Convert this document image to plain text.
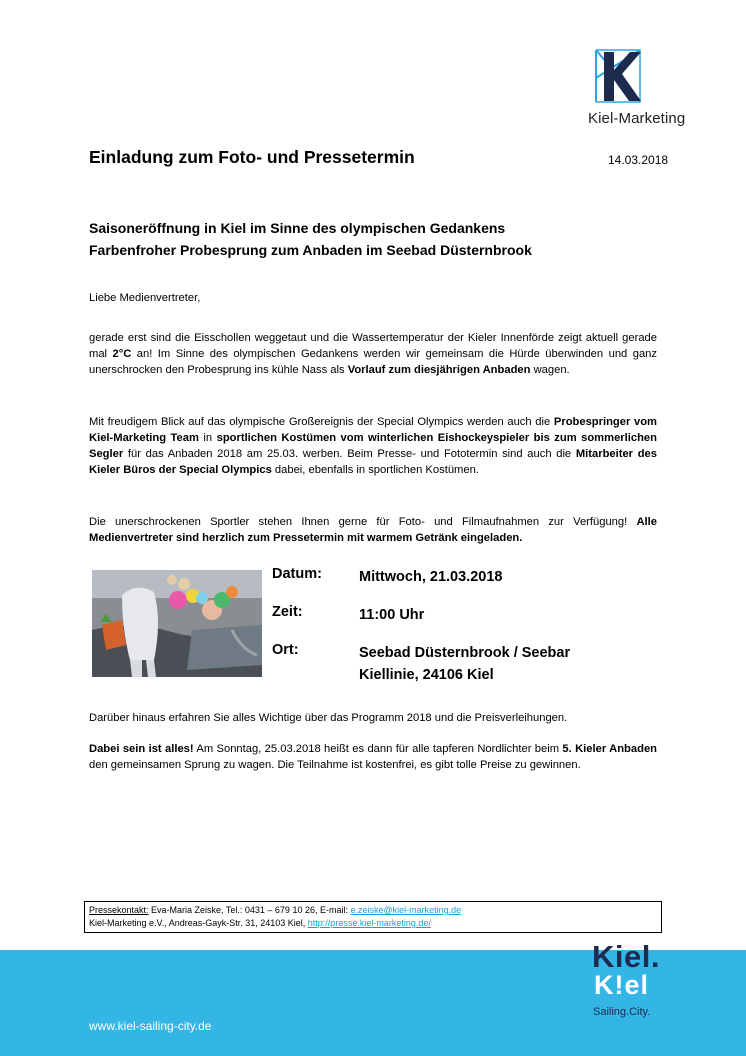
Kiel-Marketing
Einladung zum Foto- und Pressetermin	14.03.2018
Saisoneröffnung in Kiel im Sinne des olympischen Gedankens
Farbenfroher Probesprung zum Anbaden im Seebad Düsternbrook

Liebe Medienvertreter,

gerade erst sind die Eisschollen weggetaut und die Wassertemperatur der Kieler Innenförde zeigt aktuell gerade mal 2°C an! Im Sinne des olympischen Gedankens werden wir gemeinsam die Hürde überwinden und ganz unerschrocken den Probesprung ins kühle Nass als Vorlauf zum diesjährigen Anbaden wagen.

Mit freudigem Blick auf das olympische Großereignis der Special Olympics werden auch die Probespringer vom Kiel-Marketing Team in sportlichen Kostümen vom winterlichen Eishockeyspieler bis zum sommerlichen Segler für das Anbaden 2018 am 25.03. werben. Beim Presse- und Fototermin sind auch die Mitarbeiter des Kieler Büros der Special Olympics dabei, ebenfalls in sportlichen Kostümen.

Die unerschrockenen Sportler stehen Ihnen gerne für Foto- und Filmaufnahmen zur Verfügung! Alle Medienvertreter sind herzlich zum Pressetermin mit warmem Getränk eingeladen.

Datum:	Mittwoch, 21.03.2018
Zeit:	11:00 Uhr
Ort:	Seebad Düsternbrook / Seebar
Kiellinie, 24106 Kiel

Darüber hinaus erfahren Sie alles Wichtige über das Programm 2018 und die Preisverleihungen.

Dabei sein ist alles! Am Sonntag, 25.03.2018 heißt es dann für alle tapferen Nordlichter beim 5. Kieler Anbaden den gemeinsamen Sprung zu wagen. Die Teilnahme ist kostenfrei, es gibt tolle Preise zu gewinnen.

Pressekontakt: Eva-Maria Zeiske, Tel.: 0431 – 679 10 26, E-mail: e.zeiske@kiel-marketing.de
Kiel-Marketing e.V., Andreas-Gayk-Str. 31, 24103 Kiel, http://presse.kiel-marketing.de/
www.kiel-sailing-city.de
Kiel.
K!el
Sailing.City.
